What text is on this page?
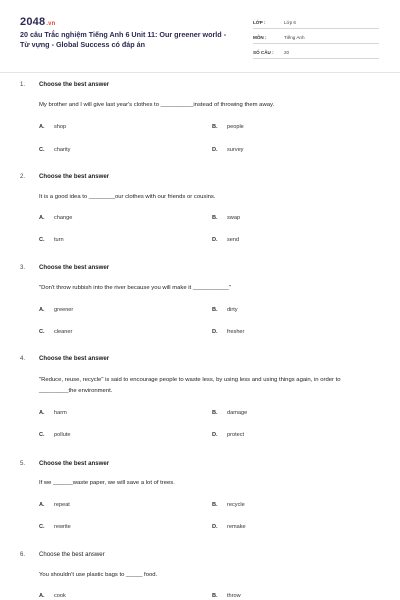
2048.vn
20 câu Trắc nghiệm Tiếng Anh 6 Unit 11: Our greener world - Từ vựng - Global Success có đáp án
LỚP :	Lớp 6
MÔN :	Tiếng Anh
SỐ CÂU :	20
1.	Choose the best answer
My brother and I will give last year's clothes to __________instead of throwing them away.
A.	shop	B.	people
C.	charity	D.	survey
2.	Choose the best answer
It is a good idea to ________our clothes with our friends or cousins.
A.	change	B.	swap
C.	turn	D.	send
3.	Choose the best answer
"Don't throw rubbish into the river because you will make it ___________"
A.	greener	B.	dirty
C.	cleaner	D.	fresher
4.	Choose the best answer
"Reduce, reuse, recycle" is said to encourage people to waste less, by using less and using things again, in order to _________the environment.
A.	harm	B.	damage
C.	pollute	D.	protect
5.	Choose the best answer
If we ______waste paper, we will save a lot of trees.
A.	repeat	B.	recycle
C.	rewrite	D.	remake
6.	Choose the best answer
You shouldn't use plastic bags to _____ food.
A.	cook	B.	throw
